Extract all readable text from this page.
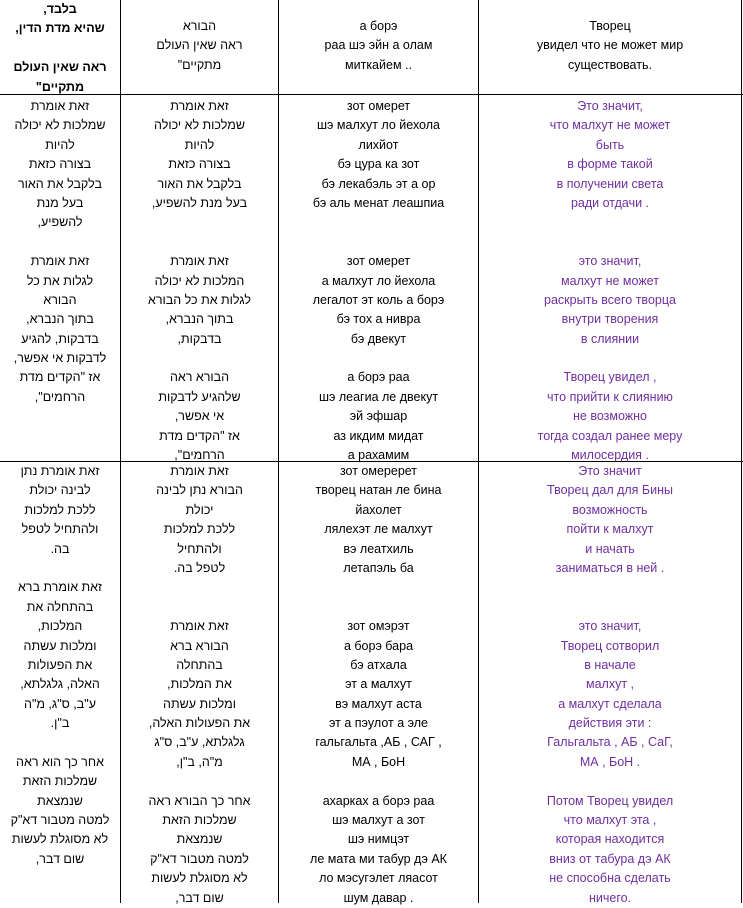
בלבד,
שהיא מדת הדין,
ראה שאין העולם
מתקיים"
הבורא
ראה שאין העולם
מתקיים"
а борэ
раа шэ эйн а олам
миткайем ..
Творец
увидел что не может мир
существовать.
זאת אומרת
שמלכות לא יכולה
להיות
בצורה כזאת
בלקבל את האור
בעל מנת
להשפיע,
זאת אומרת
לגלות את כל
הבורא
בתוך הנברא,
בדבקות, להגיע
לדבקות אי אפשר,
אז "הקדים מדת
הרחמים",
זאת אומרת
שמלכות לא יכולה
להיות
בצורה כזאת
בלקבל את האור
בעל מנת להשפיע,
זאת אומרת
המלכות לא יכולה
לגלות את כל הבורא
בתוך הנברא,
בדבקות,
הבורא ראה
שלהגיע לדבקות
אי אפשר,
אז "הקדים מדת
הרחמים",
зот омерет
шэ малхут ло йехола
лихйот
бэ цура ка зот
бэ лекабэль эт а ор
бэ аль менат леашпиа
зот омерет
а малхут ло йехола
легалот эт коль а борэ
бэ тох а нивра
бэ двекут
а борэ раа
шэ леагиа ле двекут
эй эфшар
аз икдим мидат
а рахамим
Это значит,
что малхут не может
быть
в форме такой
в получении света
ради отдачи .
это значит,
малхут не может
раскрыть всего творца
внутри творения
в слиянии
Творец увидел ,
что прийти к слиянию
не возможно
тогда создал ранее меру
милосердия .
זאת אומרת נתן
לבינה יכולת
ללכת למלכות
ולהתחיל לטפל
בה.
זאת אומרת ברא
בהתחלה את
המלכות,
ומלכות עשתה
את הפעולות
האלה, גלגלתא,
ע"ב, ס"ג, מ"ה
ב"ן.
אחר כך הוא ראה
שמלכות הזאת
שנמצאת
למטה מטבור דא"ק
לא מסוגלת לעשות
שום דבר,
זאת אומרת
הבורא נתן לבינה
יכולת
ללכת למלכות
ולהתחיל
לטפל בה.
זאת אומרת
הבורא ברא
בהתחלה
את המלכות,
ומלכות עשתה
את הפעולות האלה,
גלגלתא, ע"ב, ס"ג
מ"ה, ב"ן,
אחר כך הבורא ראה
שמלכות הזאת
שנמצאת
למטה מטבור דא"ק
לא מסוגלת לעשות
שום דבר,
зот омеререт
творец натан ле бина
йахолет
лялехэт ле малхут
вэ леатхиль
летапэль ба
зот омэрэт
а борэ бара
бэ атхала
эт а малхут
вэ малхут аста
эт а пэулот а эле
гальгальта ,АБ , САГ ,
МА , БоН
ахарках а борэ раа
шэ малхут а зот
шэ нимцэт
ле мата ми табур дэ АК
ло мэсугэлет ляасот
шум давар .
Это значит
Творец дал для Бины
возможность
пойти к малхут
и начать
заниматься в ней .
это значит,
Творец сотворил
в начале
малхут ,
а малхут сделала
действия эти :
Гальгальта , АБ , СаГ,
МА , БоН .
Потом Творец увидел
что малхут эта ,
которая находится
вниз от табура дэ АК
не способна сделать
ничего.
